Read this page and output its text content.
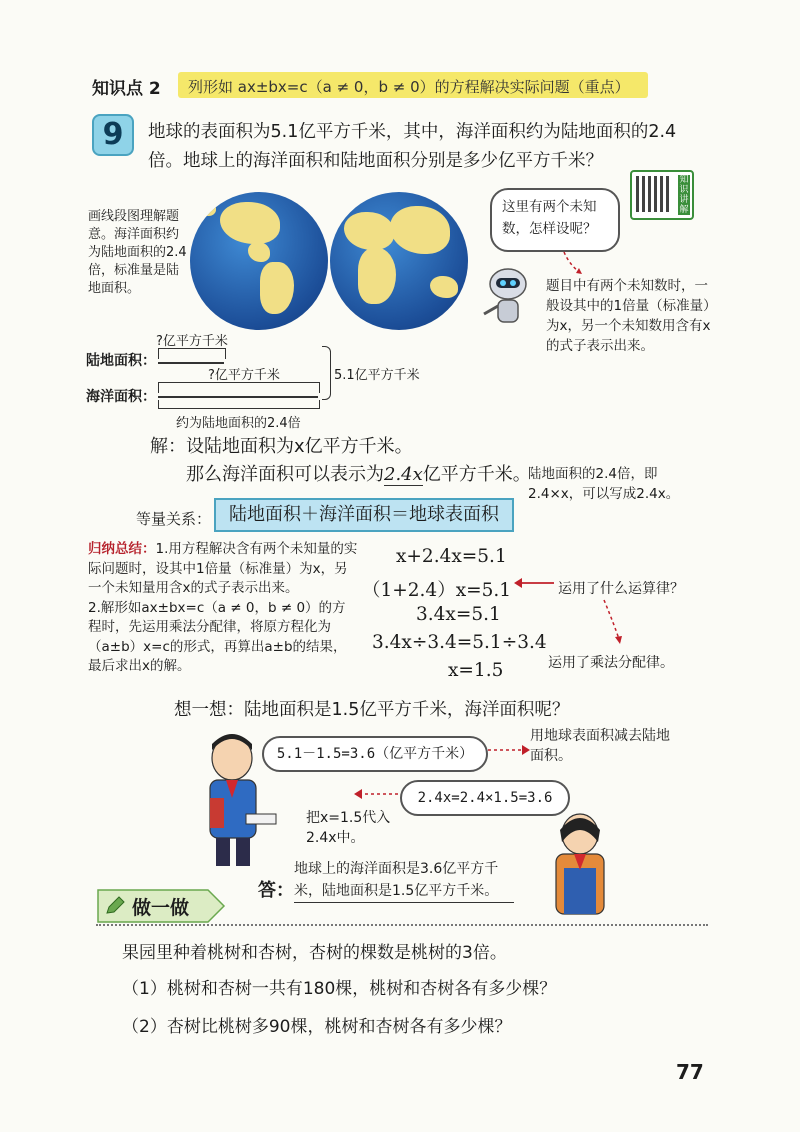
知识点 2 列形如 ax±bx=c（a ≠ 0，b ≠ 0）的方程解决实际问题（重点）
9	地球的表面积为5.1亿平方千米，其中，海洋面积约为陆地面积的2.4倍。地球上的海洋面积和陆地面积分别是多少亿平方千米？
知识讲解
画线段图理解题意。海洋面积约为陆地面积的2.4倍，标准量是陆地面积。
这里有两个未知数，怎样设呢？
题目中有两个未知数时，一般设其中的1倍量（标准量）为x，另一个未知数用含有x的式子表示出来。
?亿平方千米
陆地面积：
?亿平方千米
海洋面积：
5.1亿平方千米
约为陆地面积的2.4倍
解：设陆地面积为x亿平方千米。
那么海洋面积可以表示为2.4x亿平方千米。
陆地面积的2.4倍，即2.4×x，可以写成2.4x。
等量关系： 陆地面积＋海洋面积＝地球表面积
归纳总结：1.用方程解决含有两个未知量的实际问题时，设其中1倍量（标准量）为x，另一个未知量用含x的式子表示出来。
2.解形如ax±bx=c（a ≠ 0，b ≠ 0）的方程时，先运用乘法分配律，将原方程化为（a±b）x=c的形式，再算出a±b的结果，最后求出x的解。
x+2.4x=5.1
（1+2.4）x=5.1
3.4x=5.1
3.4x÷3.4=5.1÷3.4
x=1.5
运用了什么运算律？
运用了乘法分配律。
想一想：陆地面积是1.5亿平方千米，海洋面积呢？
5.1－1.5=3.6（亿平方千米）
用地球表面积减去陆地面积。
2.4x=2.4×1.5=3.6
把x=1.5代入2.4x中。
答：
地球上的海洋面积是3.6亿平方千米，陆地面积是1.5亿平方千米。
做一做
果园里种着桃树和杏树，杏树的棵数是桃树的3倍。
（1）桃树和杏树一共有180棵，桃树和杏树各有多少棵？
（2）杏树比桃树多90棵，桃树和杏树各有多少棵？
77
